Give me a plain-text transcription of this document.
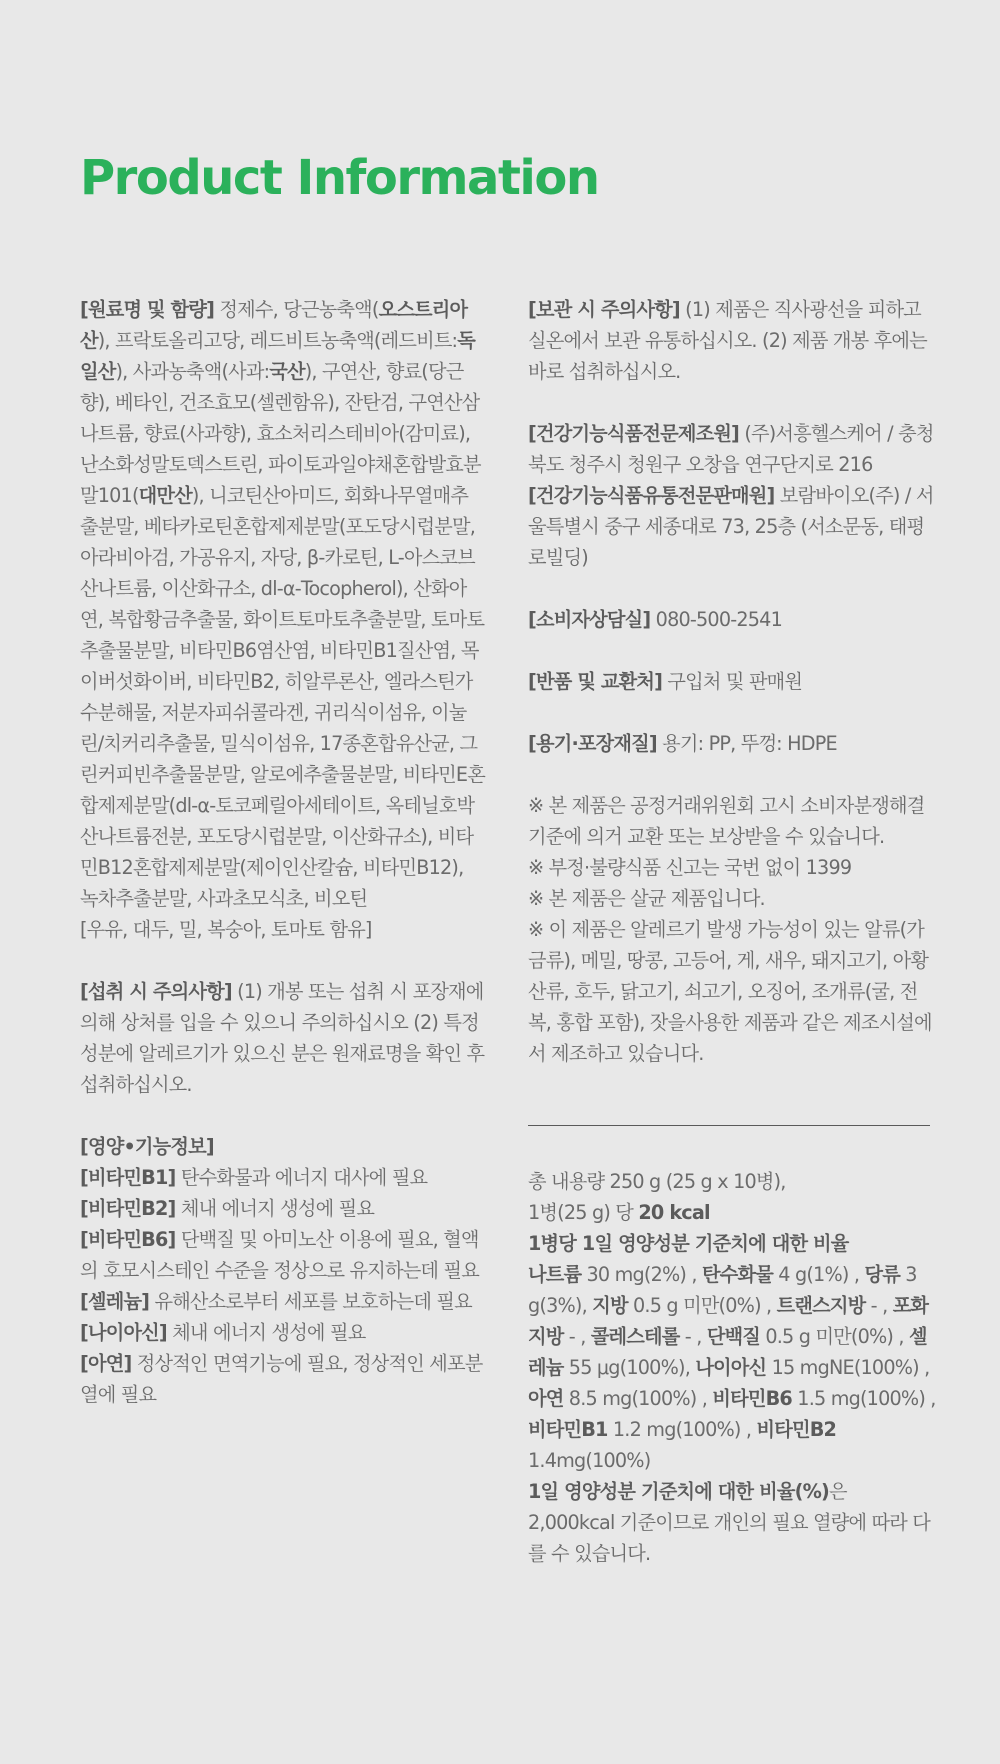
Product Information

[원료명 및 함량] 정제수, 당근농축액(오스트리아산), 프락토올리고당, 레드비트농축액(레드비트:독일산), 사과농축액(사과:국산), 구연산, 향료(당근향), 베타인, 건조효모(셀렌함유), 잔탄검, 구연산삼나트륨, 향료(사과향), 효소처리스테비아(감미료), 난소화성말토덱스트린, 파이토과일야채혼합발효분말101(대만산), 니코틴산아미드, 회화나무열매추출분말, 베타카로틴혼합제제분말(포도당시럽분말, 아라비아검, 가공유지, 자당, β-카로틴, L-아스코브산나트륨, 이산화규소, dl-α-Tocopherol), 산화아연, 복합황금추출물, 화이트토마토추출분말, 토마토추출물분말, 비타민B6염산염, 비타민B1질산염, 목이버섯화이버, 비타민B2, 히알루론산, 엘라스틴가수분해물, 저분자피쉬콜라겐, 귀리식이섬유, 이눌린/치커리추출물, 밀식이섬유, 17종혼합유산균, 그린커피빈추출물분말, 알로에추출물분말, 비타민E혼합제제분말(dl-α-토코페릴아세테이트, 옥테닐호박산나트륨전분, 포도당시럽분말, 이산화규소), 비타민B12혼합제제분말(제이인산칼슘, 비타민B12), 녹차추출분말, 사과초모식초, 비오틴

[우유, 대두, 밀, 복숭아, 토마토 함유]

[섭취 시 주의사항] (1) 개봉 또는 섭취 시 포장재에 의해 상처를 입을 수 있으니 주의하십시오 (2) 특정 성분에 알레르기가 있으신 분은 원재료명을 확인 후 섭취하십시오.

[영양•기능정보]

[비타민B1] 탄수화물과 에너지 대사에 필요

[비타민B2] 체내 에너지 생성에 필요

[비타민B6] 단백질 및 아미노산 이용에 필요, 혈액의 호모시스테인 수준을 정상으로 유지하는데 필요

[셀레늄] 유해산소로부터 세포를 보호하는데 필요

[나이아신] 체내 에너지 생성에 필요

[아연] 정상적인 면역기능에 필요, 정상적인 세포분열에 필요

[보관 시 주의사항] (1) 제품은 직사광선을 피하고 실온에서 보관 유통하십시오. (2) 제품 개봉 후에는 바로 섭취하십시오.

[건강기능식품전문제조원] (주)서흥헬스케어 / 충청북도 청주시 청원구 오창읍 연구단지로 216

[건강기능식품유통전문판매원] 보람바이오(주) / 서울특별시 중구 세종대로 73, 25층 (서소문동, 태평로빌딩)

[소비자상담실] 080-500-2541

[반품 및 교환처] 구입처 및 판매원

[용기·포장재질] 용기: PP, 뚜껑: HDPE

※ 본 제품은 공정거래위원회 고시 소비자분쟁해결기준에 의거 교환 또는 보상받을 수 있습니다.

※ 부정·불량식품 신고는 국번 없이 1399

※ 본 제품은 살균 제품입니다.

※ 이 제품은 알레르기 발생 가능성이 있는 알류(가금류), 메밀, 땅콩, 고등어, 게, 새우, 돼지고기, 아황산류, 호두, 닭고기, 쇠고기, 오징어, 조개류(굴, 전복, 홍합 포함), 잣을사용한 제품과 같은 제조시설에서 제조하고 있습니다.

총 내용량 250 g (25 g x 10병),

1병(25 g) 당 20 kcal

1병당 1일 영양성분 기준치에 대한 비율

나트륨 30 mg(2%) , 탄수화물 4 g(1%) , 당류 3 g(3%), 지방 0.5 g 미만(0%) , 트랜스지방 - , 포화지방 - , 콜레스테롤 - , 단백질 0.5 g 미만(0%) , 셀레늄 55 μg(100%), 나이아신 15 mgNE(100%) , 아연 8.5 mg(100%) , 비타민B6 1.5 mg(100%) , 비타민B1 1.2 mg(100%) , 비타민B2 1.4mg(100%)

1일 영양성분 기준치에 대한 비율(%)은 2,000kcal 기준이므로 개인의 필요 열량에 따라 다를 수 있습니다.
